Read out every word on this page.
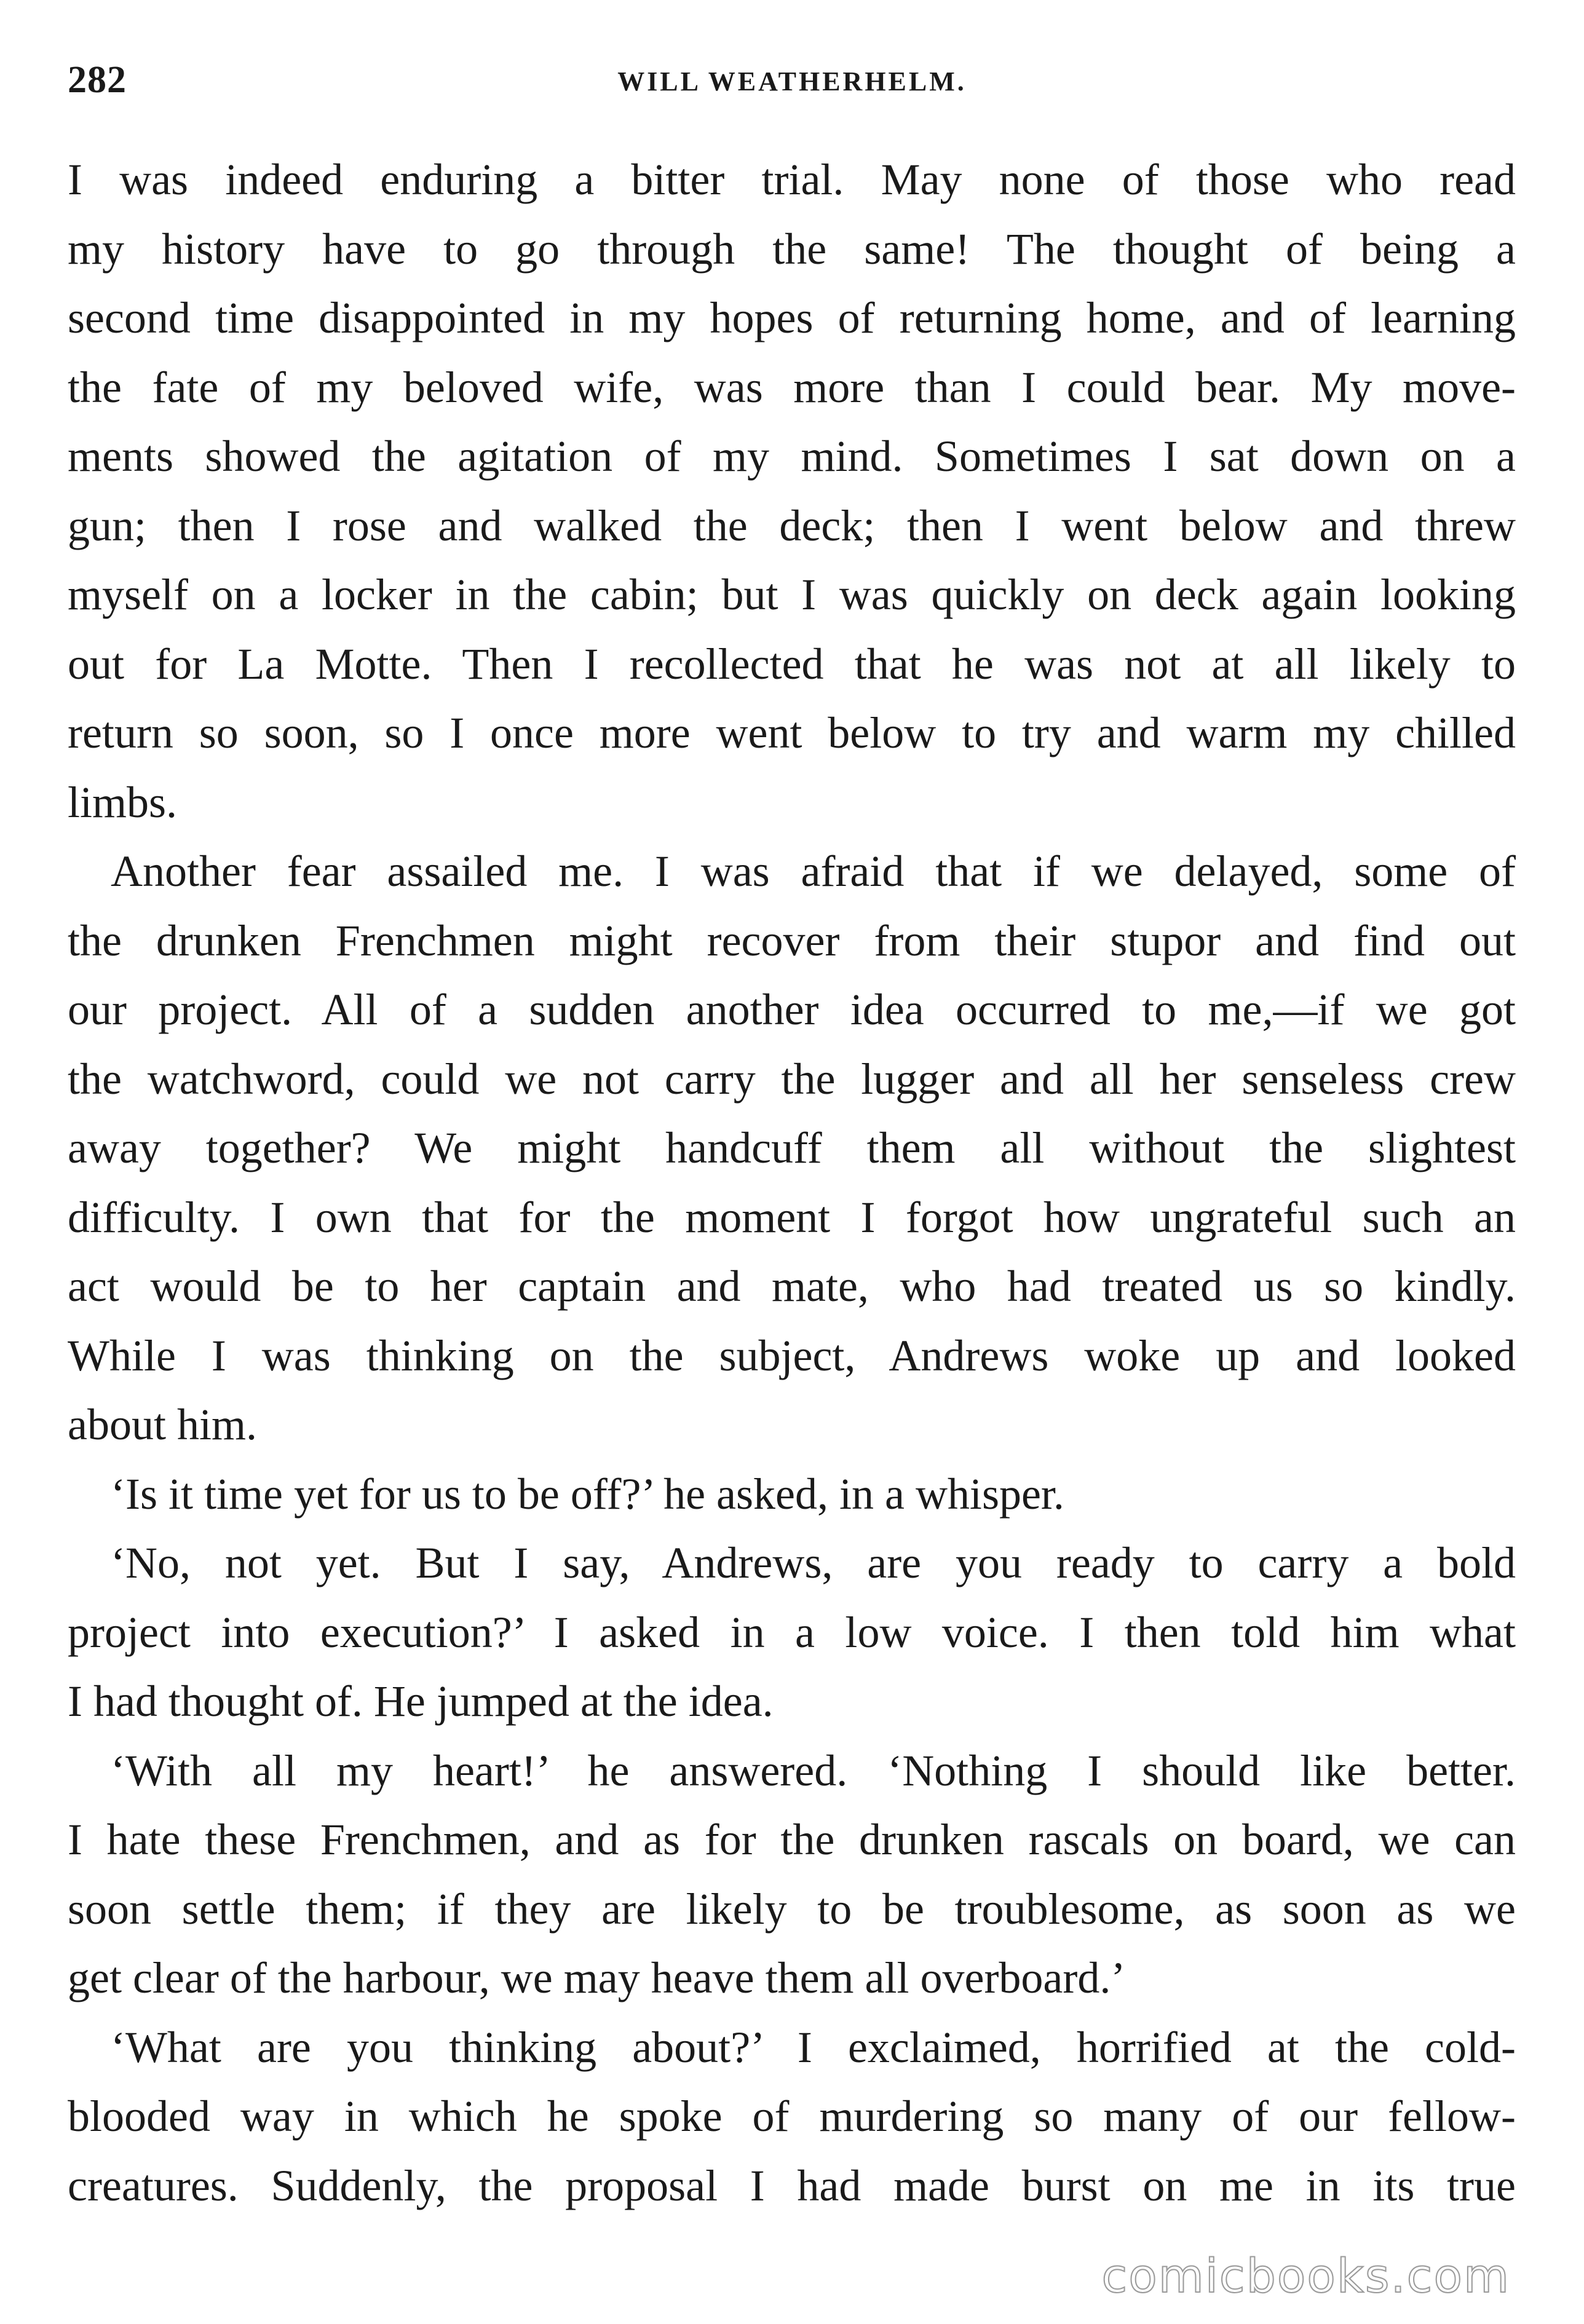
282	WILL WEATHERHELM.
I was indeed enduring a bitter trial. May none of those who read
my history have to go through the same! The thought of being a
second time disappointed in my hopes of returning home, and of learning
the fate of my beloved wife, was more than I could bear. My move-
ments showed the agitation of my mind. Sometimes I sat down on a
gun; then I rose and walked the deck; then I went below and threw
myself on a locker in the cabin; but I was quickly on deck again looking
out for La Motte. Then I recollected that he was not at all likely to
return so soon, so I once more went below to try and warm my chilled
limbs.
Another fear assailed me. I was afraid that if we delayed, some of
the drunken Frenchmen might recover from their stupor and find out
our project. All of a sudden another idea occurred to me,—if we got
the watchword, could we not carry the lugger and all her senseless crew
away together? We might handcuff them all without the slightest
difficulty. I own that for the moment I forgot how ungrateful such an
act would be to her captain and mate, who had treated us so kindly.
While I was thinking on the subject, Andrews woke up and looked
about him.
‘Is it time yet for us to be off?’ he asked, in a whisper.
‘No, not yet. But I say, Andrews, are you ready to carry a bold
project into execution?’ I asked in a low voice. I then told him what
I had thought of. He jumped at the idea.
‘With all my heart!’ he answered. ‘Nothing I should like better.
I hate these Frenchmen, and as for the drunken rascals on board, we can
soon settle them; if they are likely to be troublesome, as soon as we
get clear of the harbour, we may heave them all overboard.’
‘What are you thinking about?’ I exclaimed, horrified at the cold-
blooded way in which he spoke of murdering so many of our fellow-
creatures. Suddenly, the proposal I had made burst on me in its true
comicbooks.com
